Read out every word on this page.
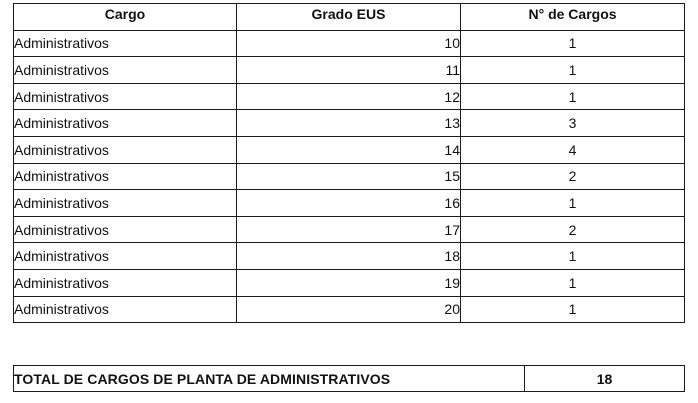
Cargo	Grado EUS	N° de Cargos
Administrativos	10	1
Administrativos	11	1
Administrativos	12	1
Administrativos	13	3
Administrativos	14	4
Administrativos	15	2
Administrativos	16	1
Administrativos	17	2
Administrativos	18	1
Administrativos	19	1
Administrativos	20	1
TOTAL DE CARGOS DE PLANTA DE ADMINISTRATIVOS	18
